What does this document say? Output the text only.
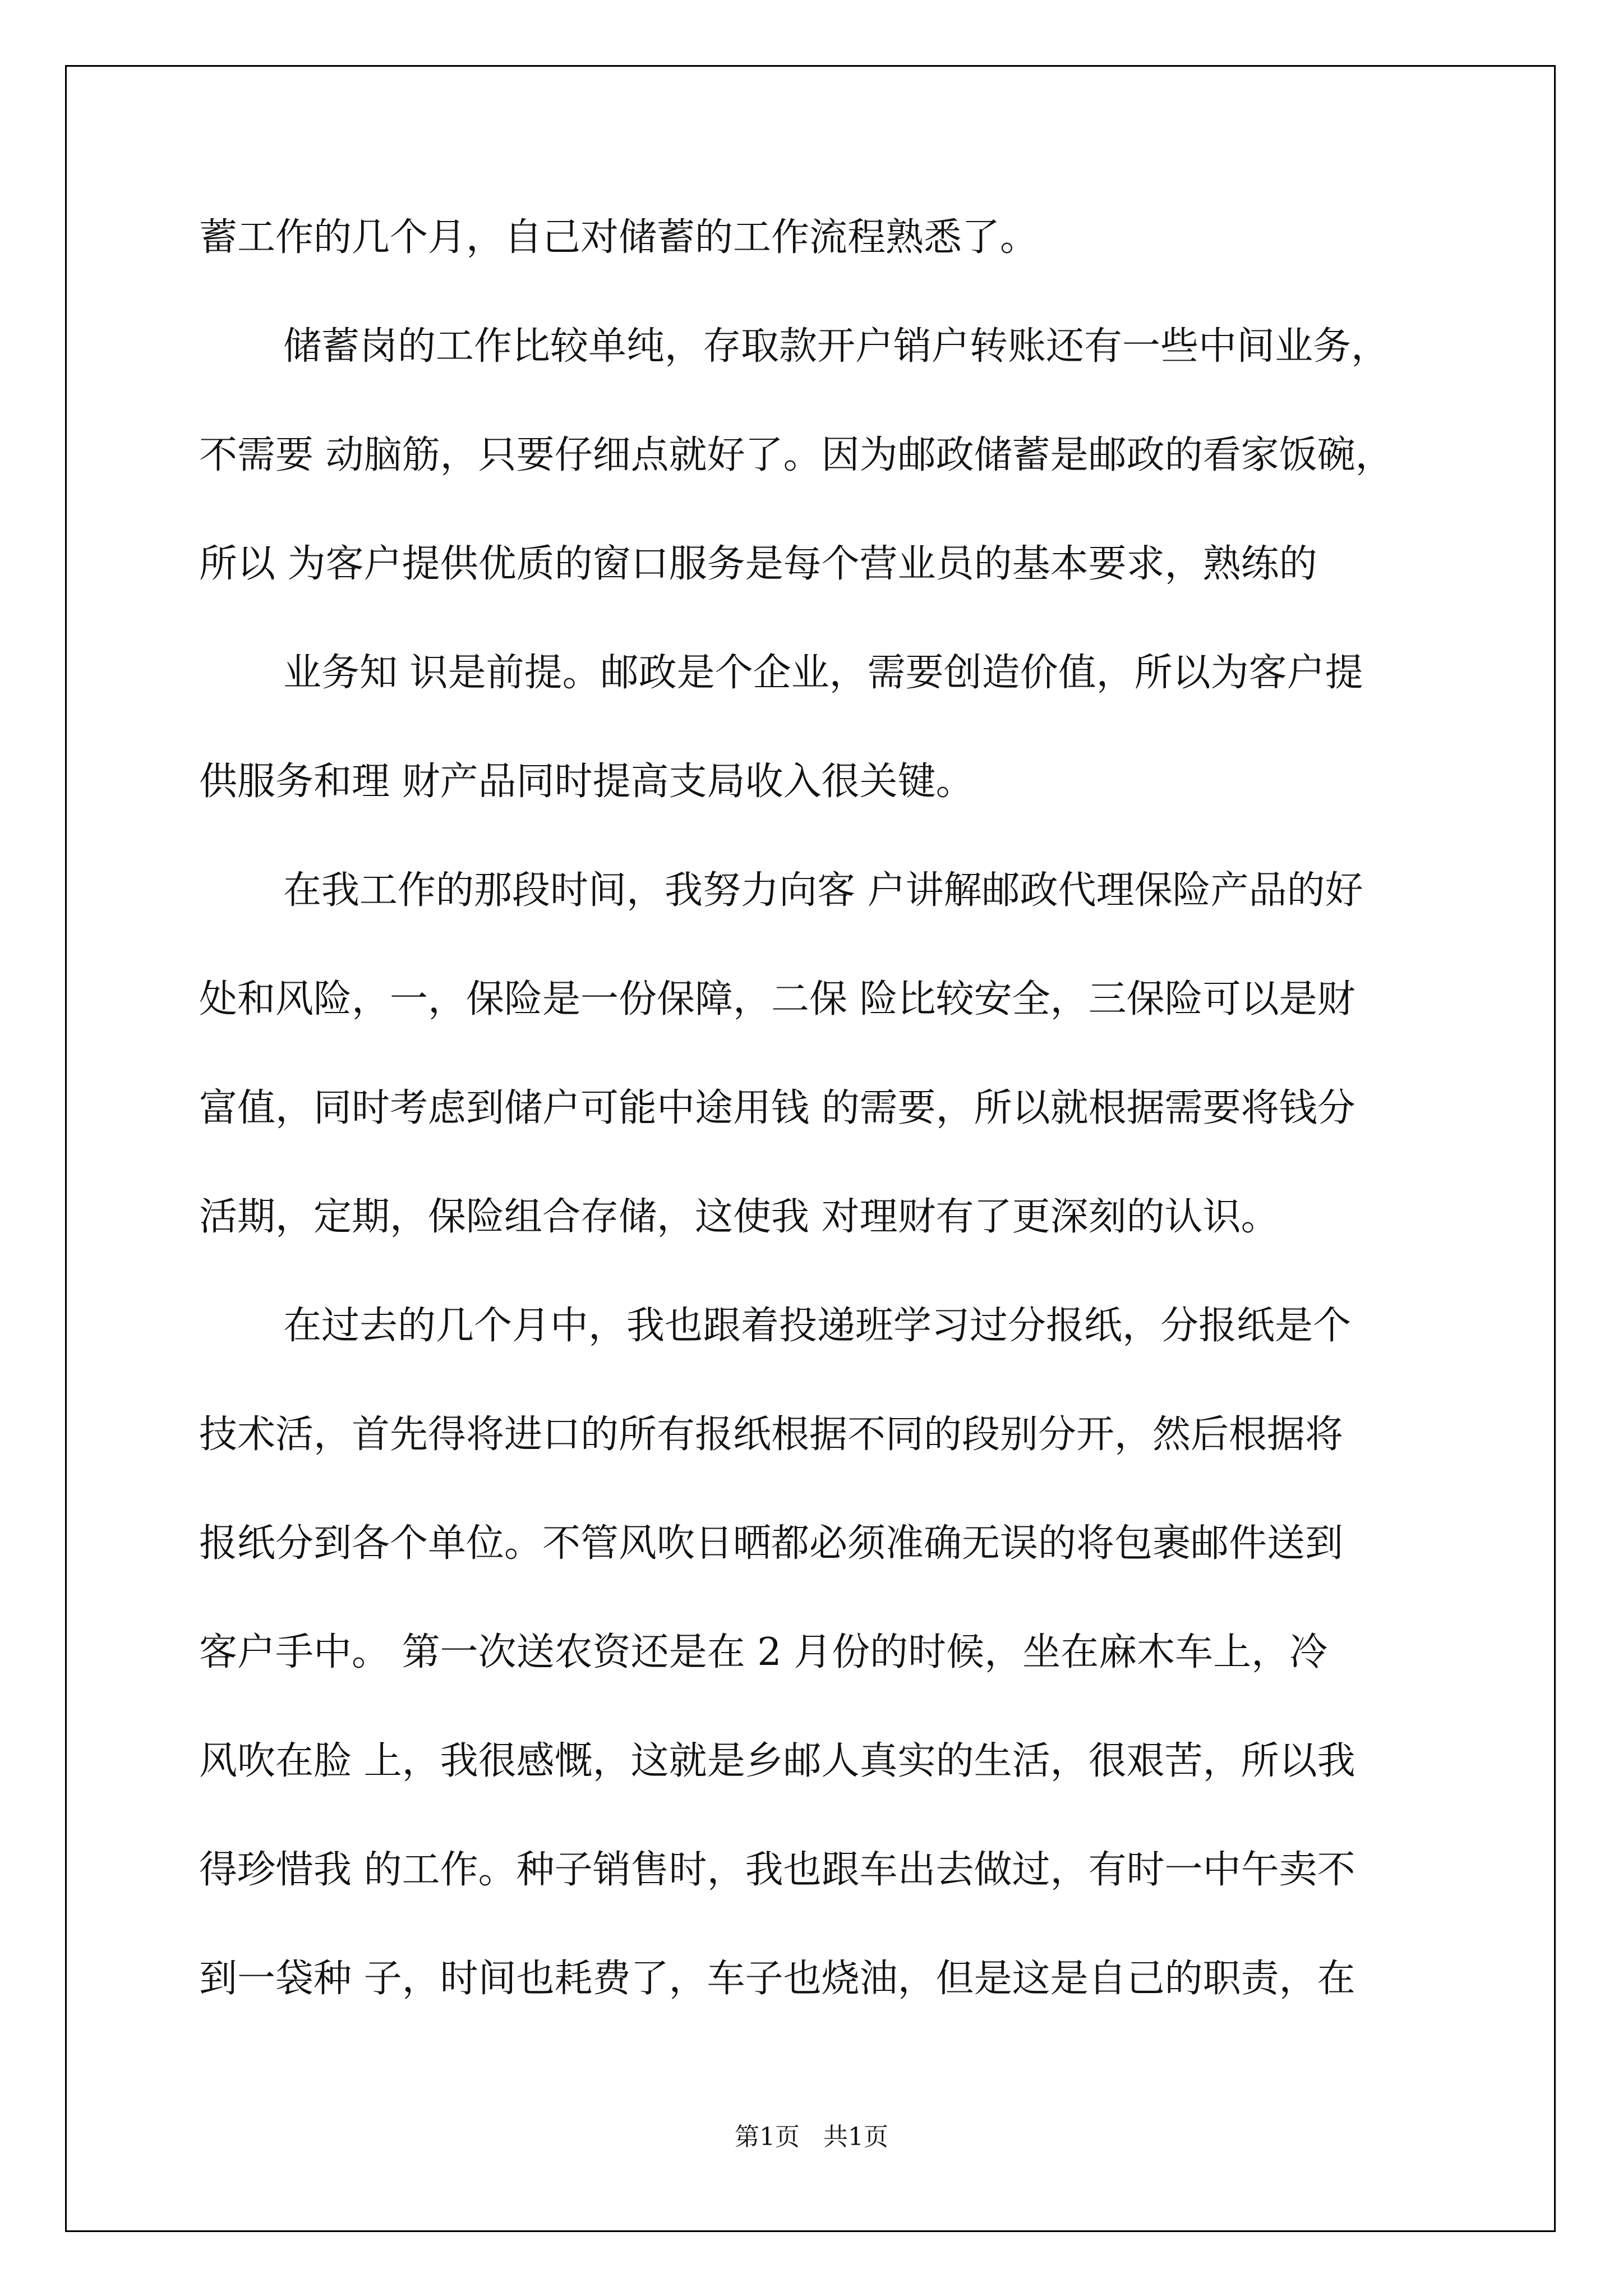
蓄工作的几个月，自己对储蓄的工作流程熟悉了。
储蓄岗的工作比较单纯，存取款开户销户转账还有一些中间业务，
不需要 动脑筋，只要仔细点就好了。因为邮政储蓄是邮政的看家饭碗，
所以 为客户提供优质的窗口服务是每个营业员的基本要求，熟练的
业务知 识是前提。邮政是个企业，需要创造价值，所以为客户提
供服务和理 财产品同时提高支局收入很关键。
在我工作的那段时间，我努力向客 户讲解邮政代理保险产品的好
处和风险，一，保险是一份保障，二保 险比较安全，三保险可以是财
富值，同时考虑到储户可能中途用钱 的需要，所以就根据需要将钱分
活期，定期，保险组合存储，这使我 对理财有了更深刻的认识。
在过去的几个月中，我也跟着投递班学习过分报纸，分报纸是个
技术活，首先得将进口的所有报纸根据不同的段别分开，然后根据将
报纸分到各个单位。不管风吹日晒都必须准确无误的将包裹邮件送到
客户手中。 第一次送农资还是在 2 月份的时候，坐在麻木车上，冷
风吹在脸 上，我很感慨，这就是乡邮人真实的生活，很艰苦，所以我
得珍惜我 的工作。种子销售时，我也跟车出去做过，有时一中午卖不
到一袋种 子，时间也耗费了，车子也烧油，但是这是自己的职责，在
第1页   共1页
